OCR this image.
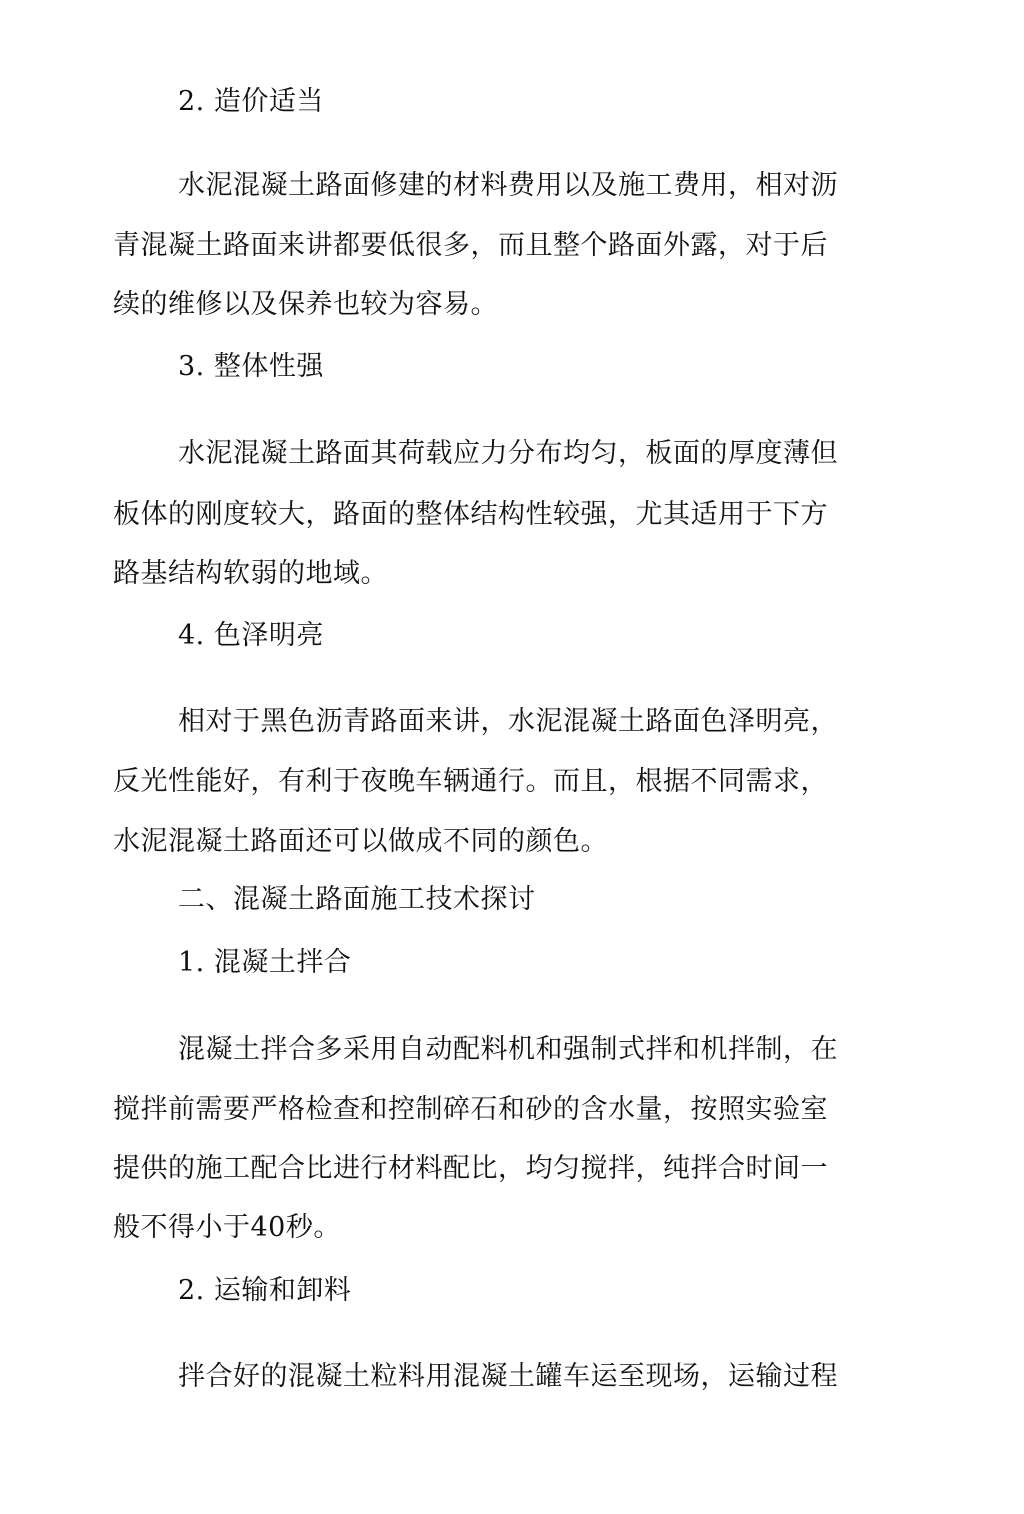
2. 造价适当
水泥混凝土路面修建的材料费用以及施工费用，相对沥
青混凝土路面来讲都要低很多，而且整个路面外露，对于后
续的维修以及保养也较为容易。
3. 整体性强
水泥混凝土路面其荷载应力分布均匀，板面的厚度薄但
板体的刚度较大，路面的整体结构性较强，尤其适用于下方
路基结构软弱的地域。
4. 色泽明亮
相对于黑色沥青路面来讲，水泥混凝土路面色泽明亮，
反光性能好，有利于夜晚车辆通行。而且，根据不同需求，
水泥混凝土路面还可以做成不同的颜色。
二、混凝土路面施工技术探讨
1. 混凝土拌合
混凝土拌合多采用自动配料机和强制式拌和机拌制，在
搅拌前需要严格检查和控制碎石和砂的含水量，按照实验室
提供的施工配合比进行材料配比，均匀搅拌，纯拌合时间一
般不得小于40秒。
2. 运输和卸料
拌合好的混凝土粒料用混凝土罐车运至现场，运输过程
